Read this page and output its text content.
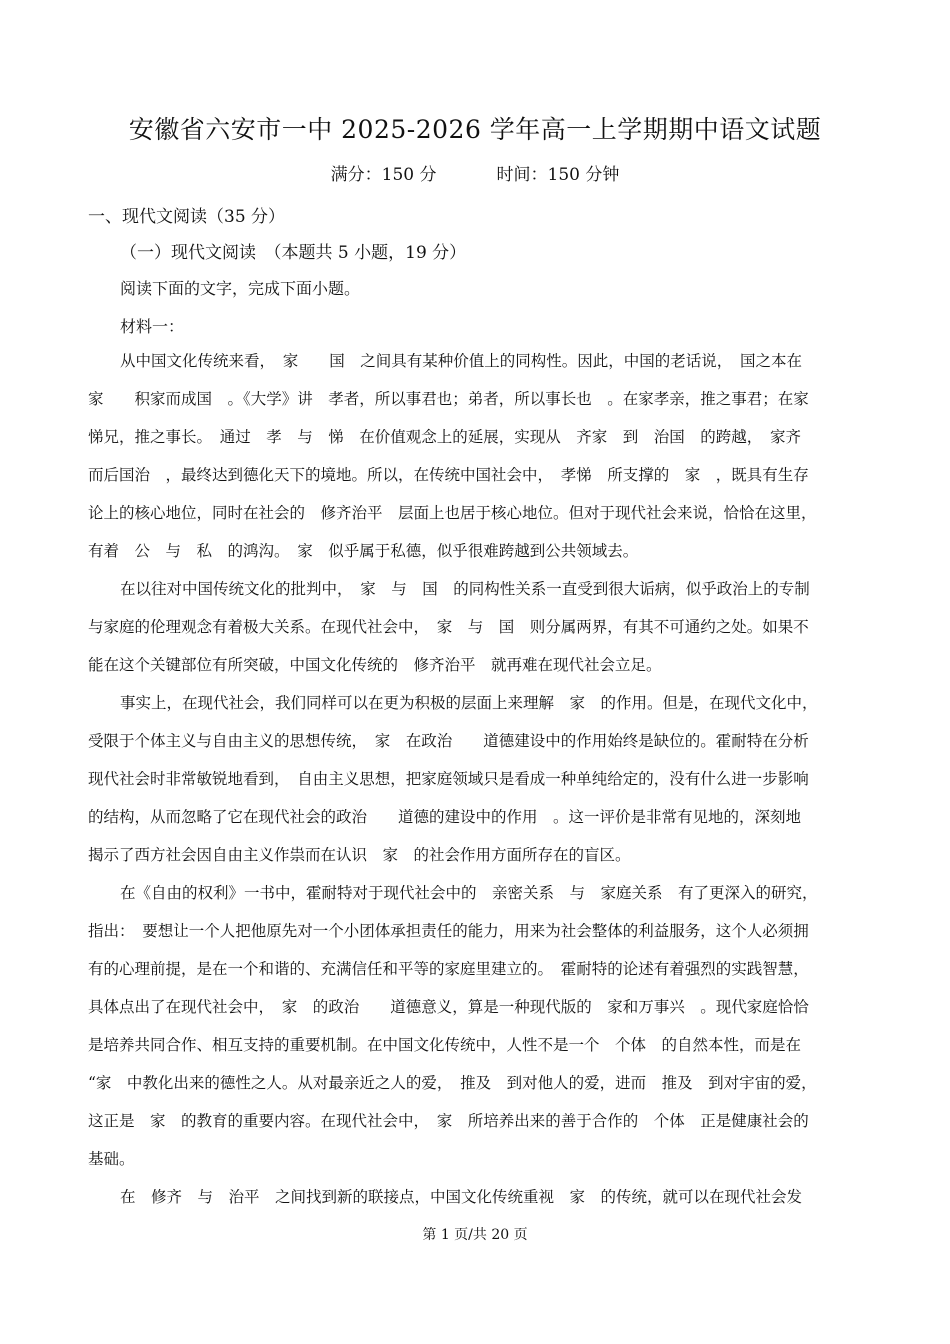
安徽省六安市一中 2025-2026 学年高一上学期期中语文试题
满分：150 分	时间：150 分钟
一、现代文阅读（35 分）
（一）现代文阅读　（本题共 5 小题，19 分）
阅读下面的文字，完成下面小题。
材料一：
从中国文化传统来看，　家　　国　之间具有某种价值上的同构性。因此，中国的老话说，　国之本在
家　　积家而成国　。《大学》讲　孝者，所以事君也；弟者，所以事长也　。在家孝亲，推之事君；在家
悌兄，推之事长。　通过　孝　与　悌　在价值观念上的延展，实现从　齐家　到　治国　的跨越，　家齐
而后国治　，最终达到德化天下的境地。所以，在传统中国社会中，　孝悌　所支撑的　家　，既具有生存
论上的核心地位，同时在社会的　修齐治平　层面上也居于核心地位。但对于现代社会来说，恰恰在这里，
有着　公　与　私　的鸿沟。　家　似乎属于私德，似乎很难跨越到公共领域去。
在以往对中国传统文化的批判中，　家　与　国　的同构性关系一直受到很大诟病，似乎政治上的专制
与家庭的伦理观念有着极大关系。在现代社会中，　家　与　国　则分属两界，有其不可通约之处。如果不
能在这个关键部位有所突破，中国文化传统的　修齐治平　就再难在现代社会立足。
事实上，在现代社会，我们同样可以在更为积极的层面上来理解　家　的作用。但是，在现代文化中，
受限于个体主义与自由主义的思想传统，　家　在政治　　道德建设中的作用始终是缺位的。霍耐特在分析
现代社会时非常敏锐地看到，　自由主义思想，把家庭领域只是看成一种单纯给定的，没有什么进一步影响
的结构，从而忽略了它在现代社会的政治　　道德的建设中的作用　。这一评价是非常有见地的，深刻地
揭示了西方社会因自由主义作祟而在认识　家　的社会作用方面所存在的盲区。
在《自由的权利》一书中，霍耐特对于现代社会中的　亲密关系　与　家庭关系　有了更深入的研究，
指出：　要想让一个人把他原先对一个小团体承担责任的能力，用来为社会整体的利益服务，这个人必须拥
有的心理前提，是在一个和谐的、充满信任和平等的家庭里建立的。　霍耐特的论述有着强烈的实践智慧，
具体点出了在现代社会中，　家　的政治　　道德意义，算是一种现代版的　家和万事兴　。现代家庭恰恰
是培养共同合作、相互支持的重要机制。在中国文化传统中，人性不是一个　个体　的自然本性，而是在
“家　中教化出来的德性之人。从对最亲近之人的爱，　推及　到对他人的爱，进而　推及　到对宇宙的爱，
这正是　家　的教育的重要内容。在现代社会中，　家　所培养出来的善于合作的　个体　正是健康社会的
基础。
在　修齐　与　治平　之间找到新的联接点，中国文化传统重视　家　的传统，就可以在现代社会发
第 1 页/共 20 页
